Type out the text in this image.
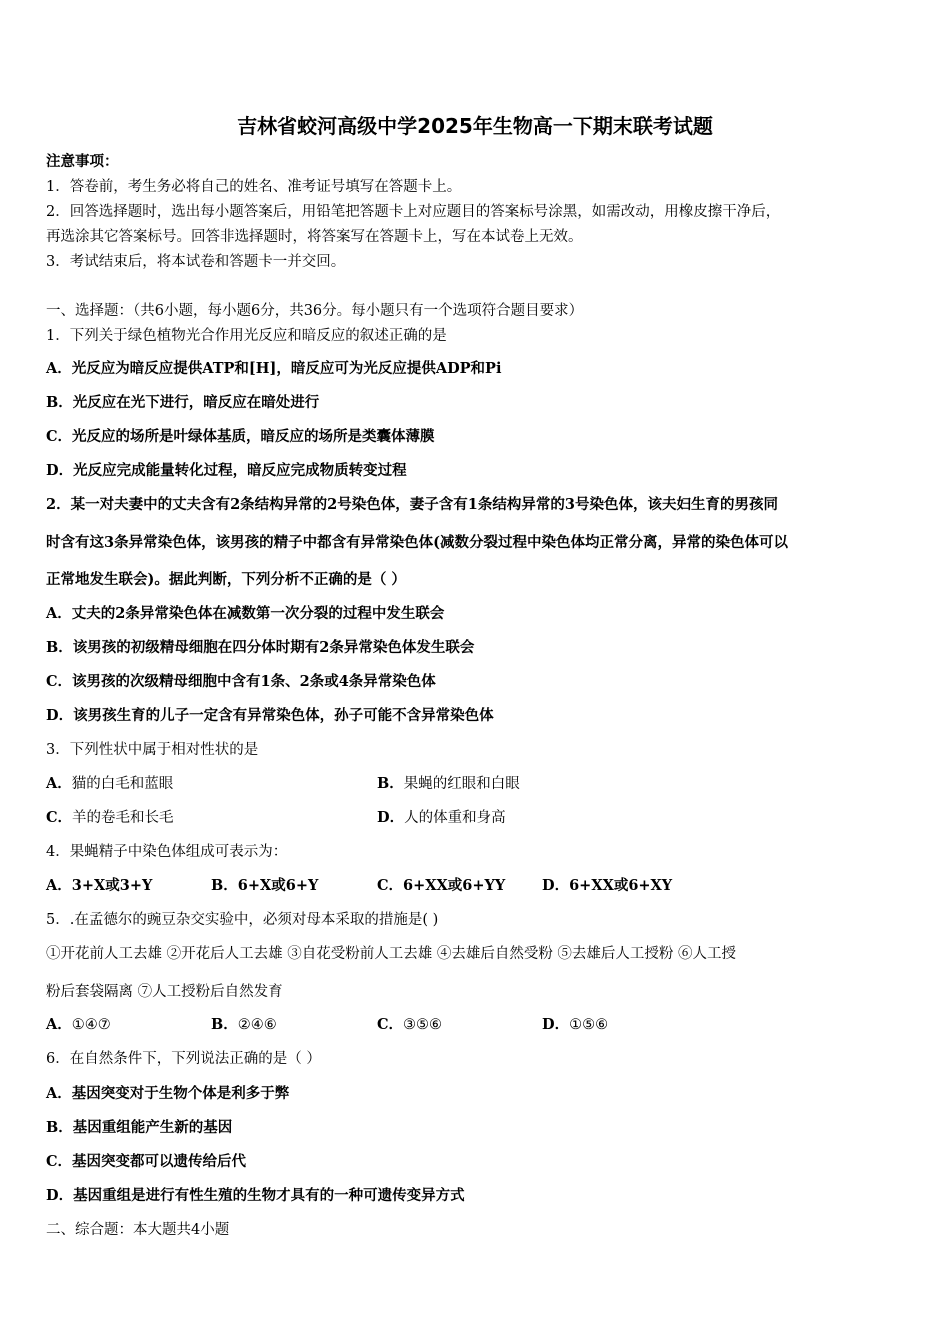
吉林省蛟河高级中学2025年生物高一下期末联考试题
注意事项：
1．答卷前，考生务必将自己的姓名、准考证号填写在答题卡上。
2．回答选择题时，选出每小题答案后，用铅笔把答题卡上对应题目的答案标号涂黑，如需改动，用橡皮擦干净后，
再选涂其它答案标号。回答非选择题时，将答案写在答题卡上，写在本试卷上无效。
3．考试结束后，将本试卷和答题卡一并交回。
一、选择题：（共6小题，每小题6分，共36分。每小题只有一个选项符合题目要求）
1．下列关于绿色植物光合作用光反应和暗反应的叙述正确的是
A．光反应为暗反应提供ATP和[H]，暗反应可为光反应提供ADP和Pi
B．光反应在光下进行，暗反应在暗处进行
C．光反应的场所是叶绿体基质，暗反应的场所是类囊体薄膜
D．光反应完成能量转化过程，暗反应完成物质转变过程
2．某一对夫妻中的丈夫含有2条结构异常的2号染色体，妻子含有1条结构异常的3号染色体，该夫妇生育的男孩同
时含有这3条异常染色体，该男孩的精子中都含有异常染色体(减数分裂过程中染色体均正常分离，异常的染色体可以
正常地发生联会)。据此判断，下列分析不正确的是（ ）
A．丈夫的2条异常染色体在减数第一次分裂的过程中发生联会
B．该男孩的初级精母细胞在四分体时期有2条异常染色体发生联会
C．该男孩的次级精母细胞中含有1条、2条或4条异常染色体
D．该男孩生育的儿子一定含有异常染色体，孙子可能不含异常染色体
3．下列性状中属于相对性状的是
A．猫的白毛和蓝眼	B．果蝇的红眼和白眼
C．羊的卷毛和长毛	D．人的体重和身高
4．果蝇精子中染色体组成可表示为：
A．3+X或3+Y	B．6+X或6+Y	C．6+XX或6+YY	D．6+XX或6+XY
5．.在孟德尔的豌豆杂交实验中，必须对母本采取的措施是( )
①开花前人工去雄 ②开花后人工去雄 ③自花受粉前人工去雄 ④去雄后自然受粉 ⑤去雄后人工授粉 ⑥人工授
粉后套袋隔离 ⑦人工授粉后自然发育
A．①④⑦	B．②④⑥	C．③⑤⑥	D．①⑤⑥
6．在自然条件下，下列说法正确的是（ ）
A．基因突变对于生物个体是利多于弊
B．基因重组能产生新的基因
C．基因突变都可以遗传给后代
D．基因重组是进行有性生殖的生物才具有的一种可遗传变异方式
二、综合题：本大题共4小题
